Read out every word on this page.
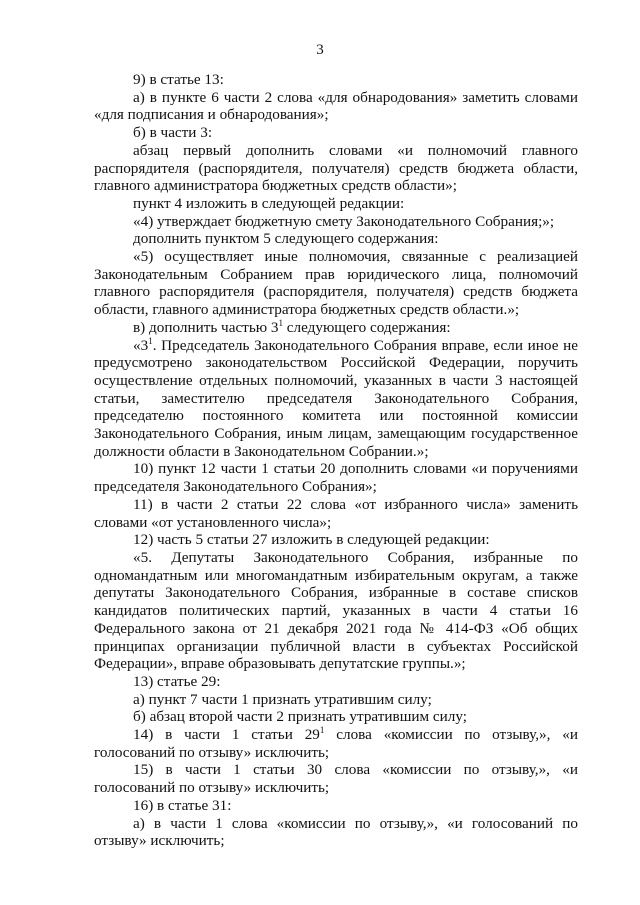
3

9) в статье 13:

а) в пункте 6 части 2 слова «для обнародования» заметить словами «для подписания и обнародования»;

б) в части 3:

абзац первый дополнить словами «и полномочий главного распорядителя (распорядителя, получателя) средств бюджета области, главного администратора бюджетных средств области»;

пункт 4 изложить в следующей редакции:

«4) утверждает бюджетную смету Законодательного Собрания;»;

дополнить пунктом 5 следующего содержания:

«5) осуществляет иные полномочия, связанные с реализацией Законодательным Собранием прав юридического лица, полномочий главного распорядителя (распорядителя, получателя) средств бюджета области, главного администратора бюджетных средств области.»;

в) дополнить частью $3^1$ следующего содержания:

«$3^1$. Председатель Законодательного Собрания вправе, если иное не предусмотрено законодательством Российской Федерации, поручить осуществление отдельных полномочий, указанных в части 3 настоящей статьи, заместителю председателя Законодательного Собрания, председателю постоянного комитета или постоянной комиссии Законодательного Собрания, иным лицам, замещающим государственное должности области в Законодательном Собрании.»;

10) пункт 12 части 1 статьи 20 дополнить словами «и поручениями председателя Законодательного Собрания»;

11) в части 2 статьи 22 слова «от избранного числа» заменить словами «от установленного числа»;

12) часть 5 статьи 27 изложить в следующей редакции:

«5. Депутаты Законодательного Собрания, избранные по одномандатным или многомандатным избирательным округам, а также депутаты Законодательного Собрания, избранные в составе списков кандидатов политических партий, указанных в части 4 статьи 16 Федерального закона от 21 декабря 2021 года № 414-ФЗ «Об общих принципах организации публичной власти в субъектах Российской Федерации», вправе образовывать депутатские группы.»;

13) статье 29:

а) пункт 7 части 1 признать утратившим силу;

б) абзац второй части 2 признать утратившим силу;

14) в части 1 статьи $29^1$ слова «комиссии по отзыву,», «и голосований по отзыву» исключить;

15) в части 1 статьи 30 слова «комиссии по отзыву,», «и голосований по отзыву» исключить;

16) в статье 31:

а) в части 1 слова «комиссии по отзыву,», «и голосований по отзыву» исключить;
